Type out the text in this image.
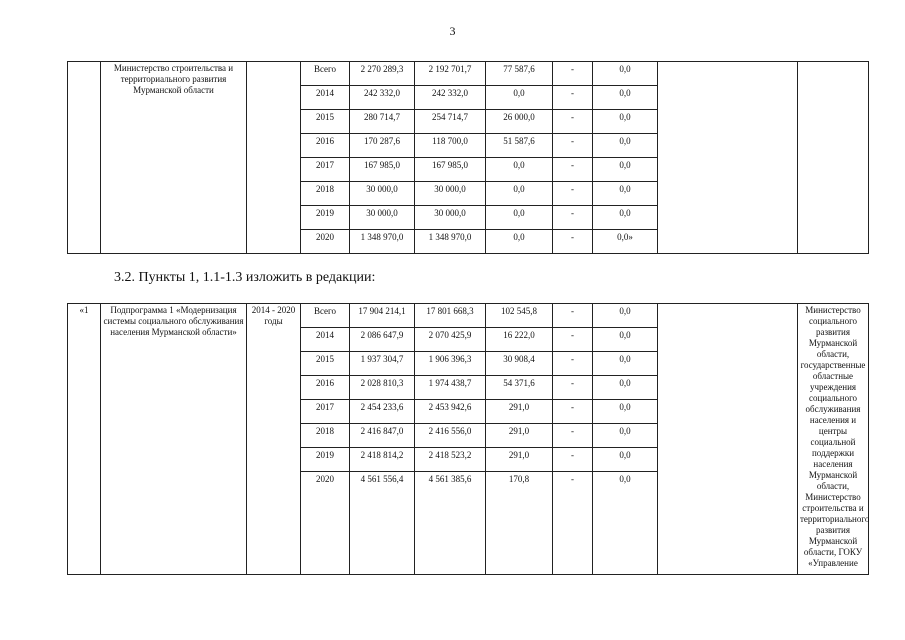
3
	Министерство строительства и территориального развития Мурманской области		Всего	2 270 289,3	2 192 701,7	77 587,6	-	0,0		
			2014	242 332,0	242 332,0	0,0	-	0,0		
			2015	280 714,7	254 714,7	26 000,0	-	0,0		
			2016	170 287,6	118 700,0	51 587,6	-	0,0		
			2017	167 985,0	167 985,0	0,0	-	0,0		
			2018	30 000,0	30 000,0	0,0	-	0,0		
			2019	30 000,0	30 000,0	0,0	-	0,0		
			2020	1 348 970,0	1 348 970,0	0,0	-	0,0»		
3.2. Пункты 1, 1.1-1.3 изложить в редакции:
«1	Подпрограмма 1 «Модернизация системы социального обслуживания населения Мурманской области»	2014 - 2020 годы	Всего	17 904 214,1	17 801 668,3	102 545,8	-	0,0		Министерство социального развития Мурманской области, государственные областные учреждения социального обслуживания населения и центры социальной поддержки населения Мурманской области, Министерство строительства и территориального развития Мурманской области, ГОКУ «Управление
			2014	2 086 647,9	2 070 425,9	16 222,0	-	0,0		
			2015	1 937 304,7	1 906 396,3	30 908,4	-	0,0		
			2016	2 028 810,3	1 974 438,7	54 371,6	-	0,0		
			2017	2 454 233,6	2 453 942,6	291,0	-	0,0		
			2018	2 416 847,0	2 416 556,0	291,0	-	0,0		
			2019	2 418 814,2	2 418 523,2	291,0	-	0,0		
			2020	4 561 556,4	4 561 385,6	170,8	-	0,0		
